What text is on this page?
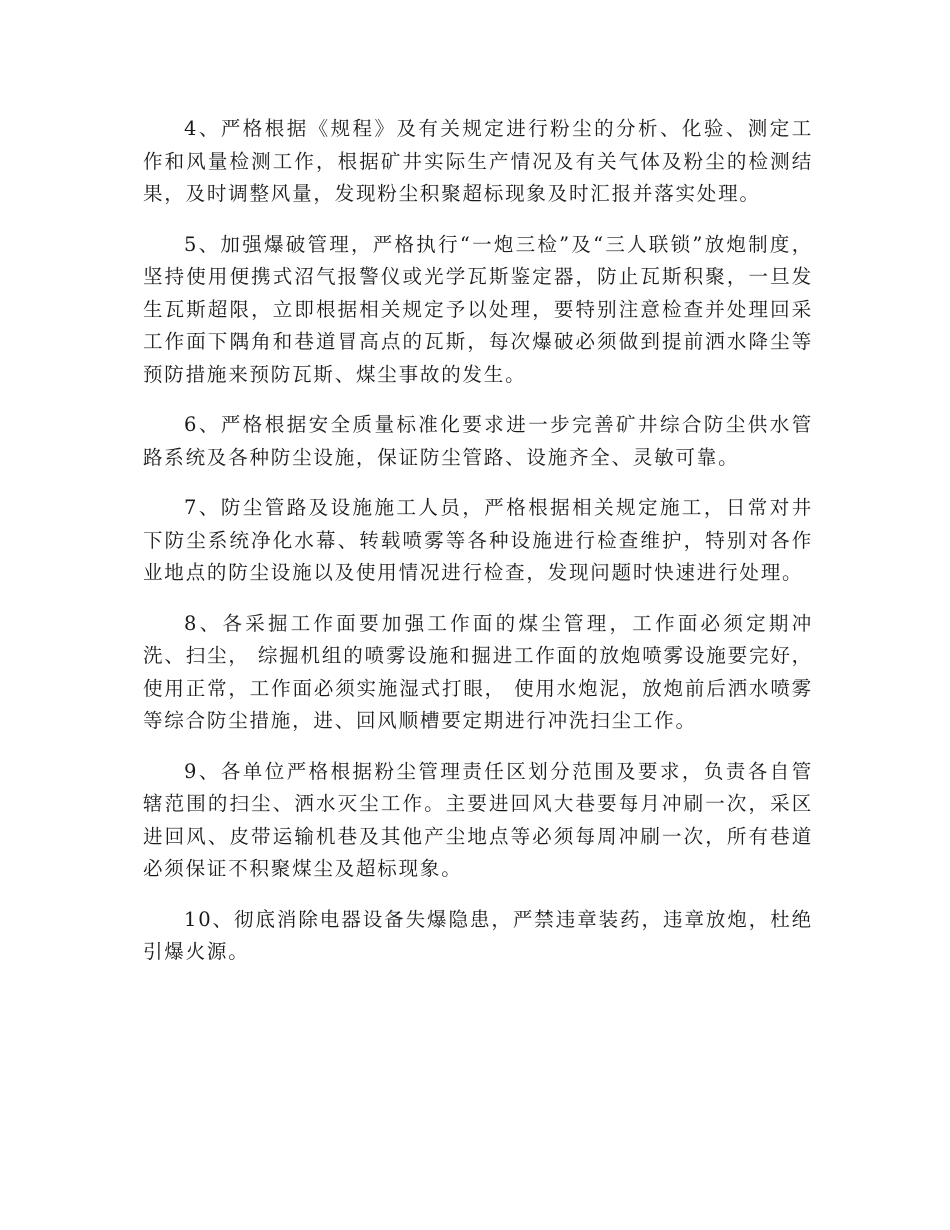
4、严格根据《规程》及有关规定进行粉尘的分析、化验、测定工作和风量检测工作，根据矿井实际生产情况及有关气体及粉尘的检测结果，及时调整风量，发现粉尘积聚超标现象及时汇报并落实处理。

5、加强爆破管理，严格执行“一炮三检”及“三人联锁”放炮制度，坚持使用便携式沼气报警仪或光学瓦斯鉴定器，防止瓦斯积聚，一旦发生瓦斯超限，立即根据相关规定予以处理，要特别注意检查并处理回采工作面下隅角和巷道冒高点的瓦斯，每次爆破必须做到提前洒水降尘等预防措施来预防瓦斯、煤尘事故的发生。

6、严格根据安全质量标准化要求进一步完善矿井综合防尘供水管路系统及各种防尘设施，保证防尘管路、设施齐全、灵敏可靠。

7、防尘管路及设施施工人员，严格根据相关规定施工，日常对井下防尘系统净化水幕、转载喷雾等各种设施进行检查维护，特别对各作业地点的防尘设施以及使用情况进行检查，发现问题时快速进行处理。

8、各采掘工作面要加强工作面的煤尘管理，工作面必须定期冲洗、扫尘， 综掘机组的喷雾设施和掘进工作面的放炮喷雾设施要完好，使用正常，工作面必须实施湿式打眼， 使用水炮泥，放炮前后洒水喷雾等综合防尘措施，进、回风顺槽要定期进行冲洗扫尘工作。

9、各单位严格根据粉尘管理责任区划分范围及要求，负责各自管辖范围的扫尘、洒水灭尘工作。主要进回风大巷要每月冲刷一次，采区进回风、皮带运输机巷及其他产尘地点等必须每周冲刷一次，所有巷道必须保证不积聚煤尘及超标现象。

10、彻底消除电器设备失爆隐患，严禁违章装药，违章放炮，杜绝引爆火源。
